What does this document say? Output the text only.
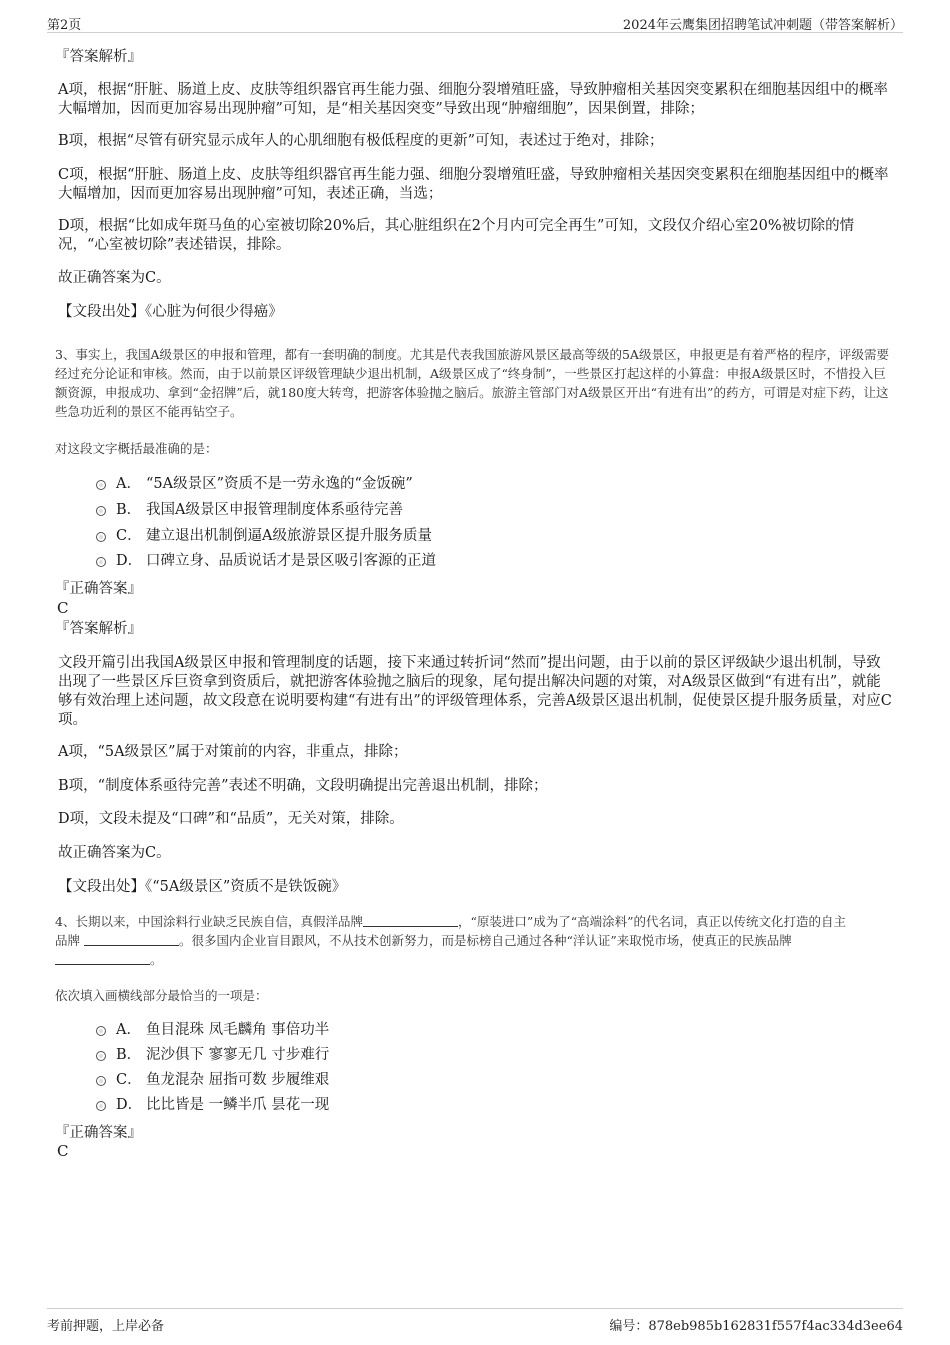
第2页	2024年云鹰集团招聘笔试冲刺题（带答案解析）
『答案解析』
A项，根据“肝脏、肠道上皮、皮肤等组织器官再生能力强、细胞分裂增殖旺盛，导致肿瘤相关基因突变累积在细胞基因组中的概率大幅增加，因而更加容易出现肿瘤”可知，是“相关基因突变”导致出现“肿瘤细胞”，因果倒置，排除；
B项，根据“尽管有研究显示成年人的心肌细胞有极低程度的更新”可知，表述过于绝对，排除；
C项，根据“肝脏、肠道上皮、皮肤等组织器官再生能力强、细胞分裂增殖旺盛，导致肿瘤相关基因突变累积在细胞基因组中的概率大幅增加，因而更加容易出现肿瘤”可知，表述正确，当选；
D项，根据“比如成年斑马鱼的心室被切除20%后，其心脏组织在2个月内可完全再生”可知，文段仅介绍心室20%被切除的情况，“心室被切除”表述错误，排除。
故正确答案为C。
【文段出处】《心脏为何很少得癌》
3、事实上，我国A级景区的申报和管理，都有一套明确的制度。尤其是代表我国旅游风景区最高等级的5A级景区，申报更是有着严格的程序，评级需要经过充分论证和审核。然而，由于以前景区评级管理缺少退出机制，A级景区成了“终身制”，一些景区打起这样的小算盘：申报A级景区时，不惜投入巨额资源，申报成功、拿到“金招牌”后，就180度大转弯，把游客体验抛之脑后。旅游主管部门对A级景区开出“有进有出”的药方，可谓是对症下药，让这些急功近利的景区不能再钻空子。
对这段文字概括最准确的是：
A． “5A级景区”资质不是一劳永逸的“金饭碗”
B． 我国A级景区申报管理制度体系亟待完善
C． 建立退出机制倒逼A级旅游景区提升服务质量
D． 口碑立身、品质说话才是景区吸引客源的正道
『正确答案』
C
『答案解析』
文段开篇引出我国A级景区申报和管理制度的话题，接下来通过转折词“然而”提出问题，由于以前的景区评级缺少退出机制，导致出现了一些景区斥巨资拿到资质后，就把游客体验抛之脑后的现象，尾句提出解决问题的对策，对A级景区做到“有进有出”，就能够有效治理上述问题，故文段意在说明要构建“有进有出”的评级管理体系，完善A级景区退出机制，促使景区提升服务质量，对应C项。
A项，“5A级景区”属于对策前的内容，非重点，排除；
B项，“制度体系亟待完善”表述不明确，文段明确提出完善退出机制，排除；
D项，文段未提及“口碑”和“品质”，无关对策，排除。
故正确答案为C。
【文段出处】《“5A级景区”资质不是铁饭碗》
4、长期以来，中国涂料行业缺乏民族自信，真假洋品牌	，“原装进口”成为了“高端涂料”的代名词，真正以传统文化打造的自主
品牌	。很多国内企业盲目跟风，不从技术创新努力，而是标榜自己通过各种“洋认证”来取悦市场，使真正的民族品牌
。
依次填入画横线部分最恰当的一项是：
A． 鱼目混珠 凤毛麟角 事倍功半
B． 泥沙俱下 寥寥无几 寸步难行
C． 鱼龙混杂 屈指可数 步履维艰
D． 比比皆是 一鳞半爪 昙花一现
『正确答案』
C
考前押题，上岸必备	编号：878eb985b162831f557f4ac334d3ee64
